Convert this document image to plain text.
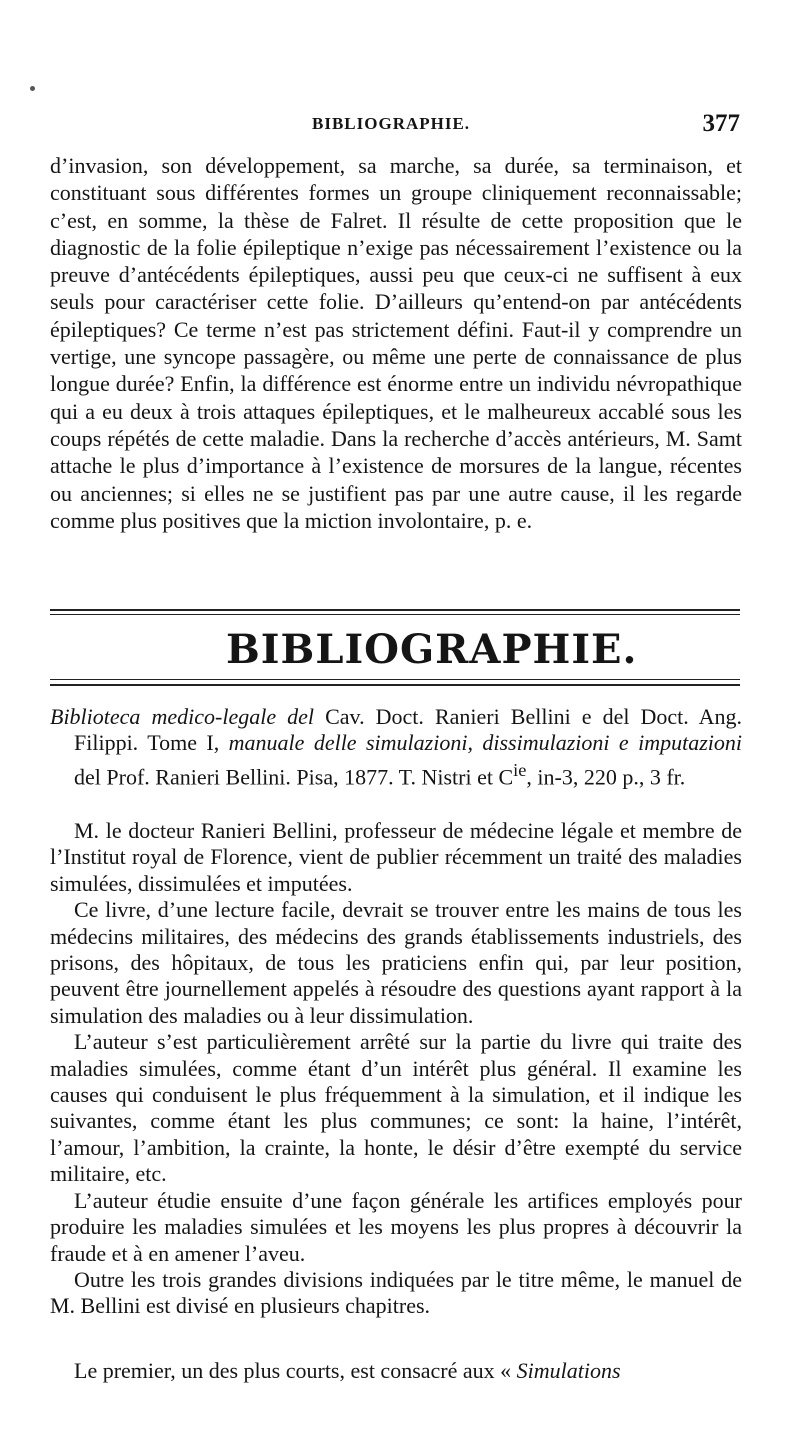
BIBLIOGRAPHIE.	377

d’invasion, son développement, sa marche, sa durée, sa terminaison, et constituant sous différentes formes un groupe cliniquement reconnaissable; c’est, en somme, la thèse de Falret. Il résulte de cette proposition que le diagnostic de la folie épileptique n’exige pas nécessairement l’existence ou la preuve d’antécédents épileptiques, aussi peu que ceux-ci ne suffisent à eux seuls pour caractériser cette folie. D’ailleurs qu’entend-on par antécédents épileptiques? Ce terme n’est pas strictement défini. Faut-il y comprendre un vertige, une syncope passagère, ou même une perte de connaissance de plus longue durée? Enfin, la différence est énorme entre un individu névropathique qui a eu deux à trois attaques épileptiques, et le malheureux accablé sous les coups répétés de cette maladie. Dans la recherche d’accès antérieurs, M. Samt attache le plus d’importance à l’existence de morsures de la langue, récentes ou anciennes; si elles ne se justifient pas par une autre cause, il les regarde comme plus positives que la miction involontaire, p. e.

BIBLIOGRAPHIE.

Biblioteca medico-legale del Cav. Doct. Ranieri Bellini e del Doct. Ang. Filippi. Tome I, manuale delle simulazioni, dissimulazioni e imputazioni del Prof. Ranieri Bellini. Pisa, 1877. T. Nistri et $C^{ie}$, in-3, 220 p., 3 fr.

M. le docteur Ranieri Bellini, professeur de médecine légale et membre de l’Institut royal de Florence, vient de publier récemment un traité des maladies simulées, dissimulées et imputées.

Ce livre, d’une lecture facile, devrait se trouver entre les mains de tous les médecins militaires, des médecins des grands établissements industriels, des prisons, des hôpitaux, de tous les praticiens enfin qui, par leur position, peuvent être journellement appelés à résoudre des questions ayant rapport à la simulation des maladies ou à leur dissimulation.

L’auteur s’est particulièrement arrêté sur la partie du livre qui traite des maladies simulées, comme étant d’un intérêt plus général. Il examine les causes qui conduisent le plus fréquemment à la simulation, et il indique les suivantes, comme étant les plus communes; ce sont: la haine, l’intérêt, l’amour, l’ambition, la crainte, la honte, le désir d’être exempté du service militaire, etc.

L’auteur étudie ensuite d’une façon générale les artifices employés pour produire les maladies simulées et les moyens les plus propres à découvrir la fraude et à en amener l’aveu.

Outre les trois grandes divisions indiquées par le titre même, le manuel de M. Bellini est divisé en plusieurs chapitres.

Le premier, un des plus courts, est consacré aux « Simulations
